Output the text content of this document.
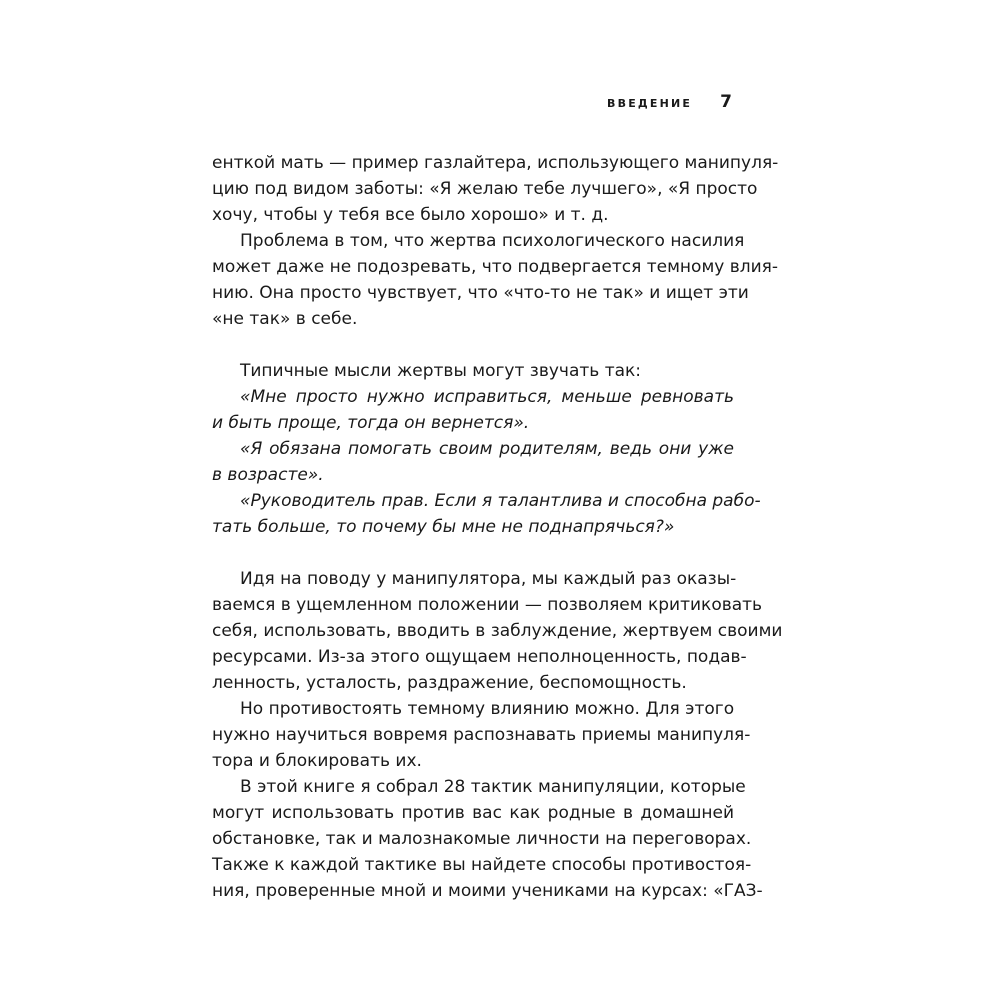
ВВЕДЕНИЕ 7
енткой мать — пример газлайтера, использующего манипуля-
цию под видом заботы: «Я желаю тебе лучшего», «Я просто
хочу, чтобы у тебя все было хорошо» и т. д.
Проблема в том, что жертва психологического насилия
может даже не подозревать, что подвергается темному влия-
нию. Она просто чувствует, что «что-то не так» и ищет эти
«не так» в себе.
Типичные мысли жертвы могут звучать так:
«Мне просто нужно исправиться, меньше ревновать
и быть проще, тогда он вернется».
«Я обязана помогать своим родителям, ведь они уже
в возрасте».
«Руководитель прав. Если я талантлива и способна рабо-
тать больше, то почему бы мне не поднапрячься?»
Идя на поводу у манипулятора, мы каждый раз оказы-
ваемся в ущемленном положении — позволяем критиковать
себя, использовать, вводить в заблуждение, жертвуем своими
ресурсами. Из-за этого ощущаем неполноценность, подав-
ленность, усталость, раздражение, беспомощность.
Но противостоять темному влиянию можно. Для этого
нужно научиться вовремя распознавать приемы манипуля-
тора и блокировать их.
В этой книге я собрал 28 тактик манипуляции, которые
могут использовать против вас как родные в домашней
обстановке, так и малознакомые личности на переговорах.
Также к каждой тактике вы найдете способы противостоя-
ния, проверенные мной и моими учениками на курсах: «ГАЗ-
